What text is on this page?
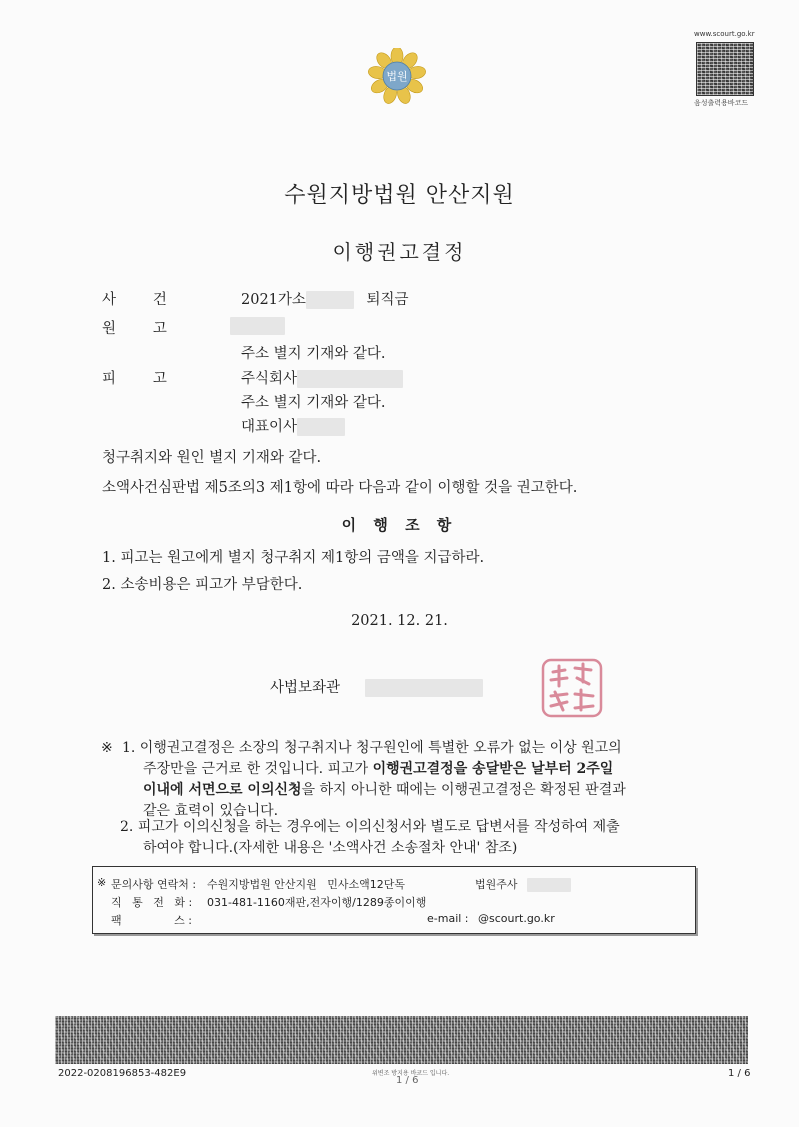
www.scourt.go.kr
음성출력용바코드
법원
수원지방법원 안산지원
이행권고결정
사        건	2021가소	퇴직금
원        고
주소 별지 기재와 같다.
피        고	주식회사
주소 별지 기재와 같다.
대표이사
청구취지와 원인 별지 기재와 같다.
소액사건심판법 제5조의3 제1항에 따라 다음과 같이 이행할 것을 권고한다.
이 행 조 항
1. 피고는 원고에게 별지 청구취지 제1항의 금액을 지급하라.
2. 소송비용은 피고가 부담한다.
2021. 12. 21.
사법보좌관
※ 1. 이행권고결정은 소장의 청구취지나 청구원인에 특별한 오류가 없는 이상 원고의
주장만을 근거로 한 것입니다. 피고가 이행권고결정을 송달받은 날부터 2주일
이내에 서면으로 이의신청을 하지 아니한 때에는 이행권고결정은 확정된 판결과
같은 효력이 있습니다.
2. 피고가 이의신청을 하는 경우에는 이의신청서와 별도로 답변서를 작성하여 제출
하여야 합니다.(자세한 내용은 '소액사건 소송절차 안내' 참조)
※ 문의사항 연락처 : 수원지방법원 안산지원   민사소액12단독	법원주사
직   통   전   화 : 031-481-1160재판,전자이행/1289종이이행
팩               스 :	e-mail : @scourt.go.kr
2022-0208196853-482E9	위변조 방지용 바코드 입니다.
1 / 6
1 / 6
